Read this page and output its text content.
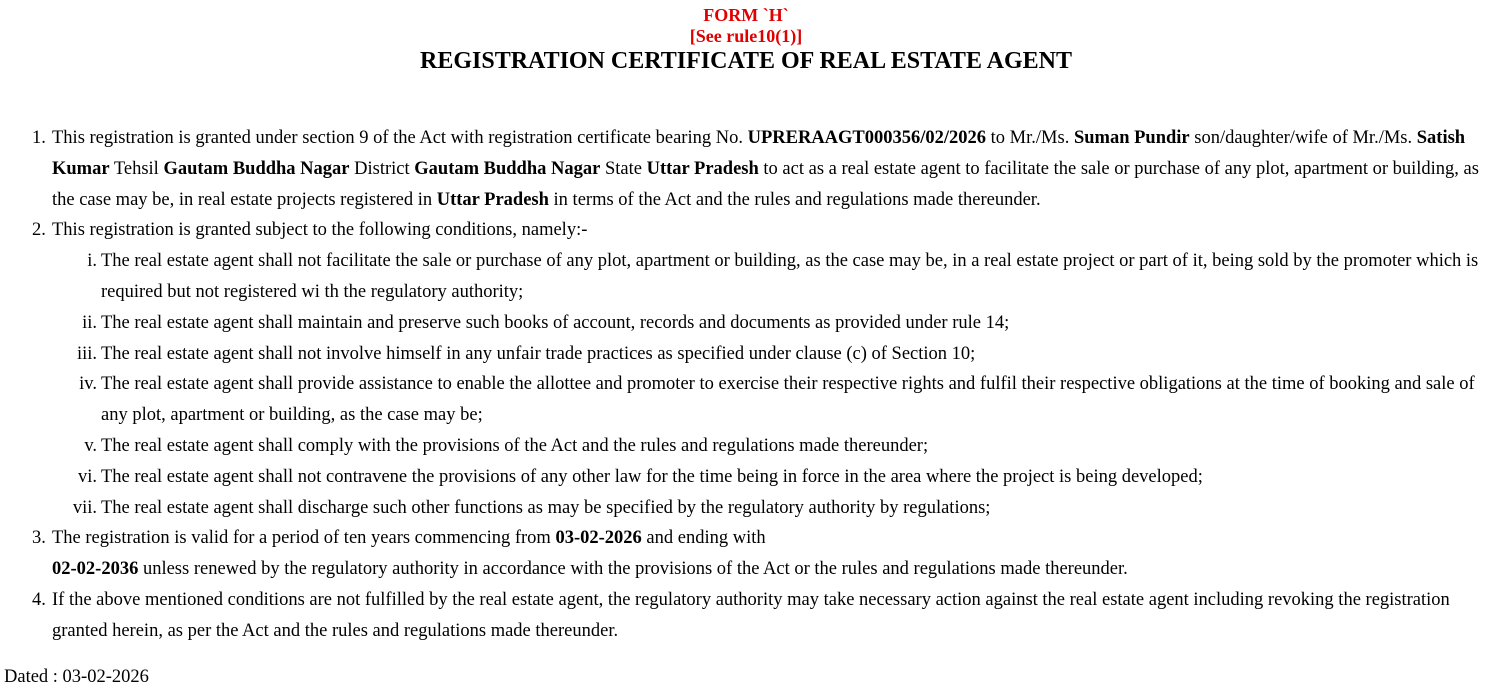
FORM `H`
[See rule10(1)]
REGISTRATION CERTIFICATE OF REAL ESTATE AGENT
This registration is granted under section 9 of the Act with registration certificate bearing No. UPRERAAGT000356/02/2026 to Mr./Ms. Suman Pundir son/daughter/wife of Mr./Ms. Satish Kumar Tehsil Gautam Buddha Nagar District Gautam Buddha Nagar State Uttar Pradesh to act as a real estate agent to facilitate the sale or purchase of any plot, apartment or building, as the case may be, in real estate projects registered in Uttar Pradesh in terms of the Act and the rules and regulations made thereunder.
This registration is granted subject to the following conditions, namely:-
The real estate agent shall not facilitate the sale or purchase of any plot, apartment or building, as the case may be, in a real estate project or part of it, being sold by the promoter which is required but not registered wi th the regulatory authority;
The real estate agent shall maintain and preserve such books of account, records and documents as provided under rule 14;
The real estate agent shall not involve himself in any unfair trade practices as specified under clause (c) of Section 10;
The real estate agent shall provide assistance to enable the allottee and promoter to exercise their respective rights and fulfil their respective obligations at the time of booking and sale of any plot, apartment or building, as the case may be;
The real estate agent shall comply with the provisions of the Act and the rules and regulations made thereunder;
The real estate agent shall not contravene the provisions of any other law for the time being in force in the area where the project is being developed;
The real estate agent shall discharge such other functions as may be specified by the regulatory authority by regulations;
The registration is valid for a period of ten years commencing from 03-02-2026 and ending with
02-02-2036 unless renewed by the regulatory authority in accordance with the provisions of the Act or the rules and regulations made thereunder.
If the above mentioned conditions are not fulfilled by the real estate agent, the regulatory authority may take necessary action against the real estate agent including revoking the registration granted herein, as per the Act and the rules and regulations made thereunder.
Dated : 03-02-2026
